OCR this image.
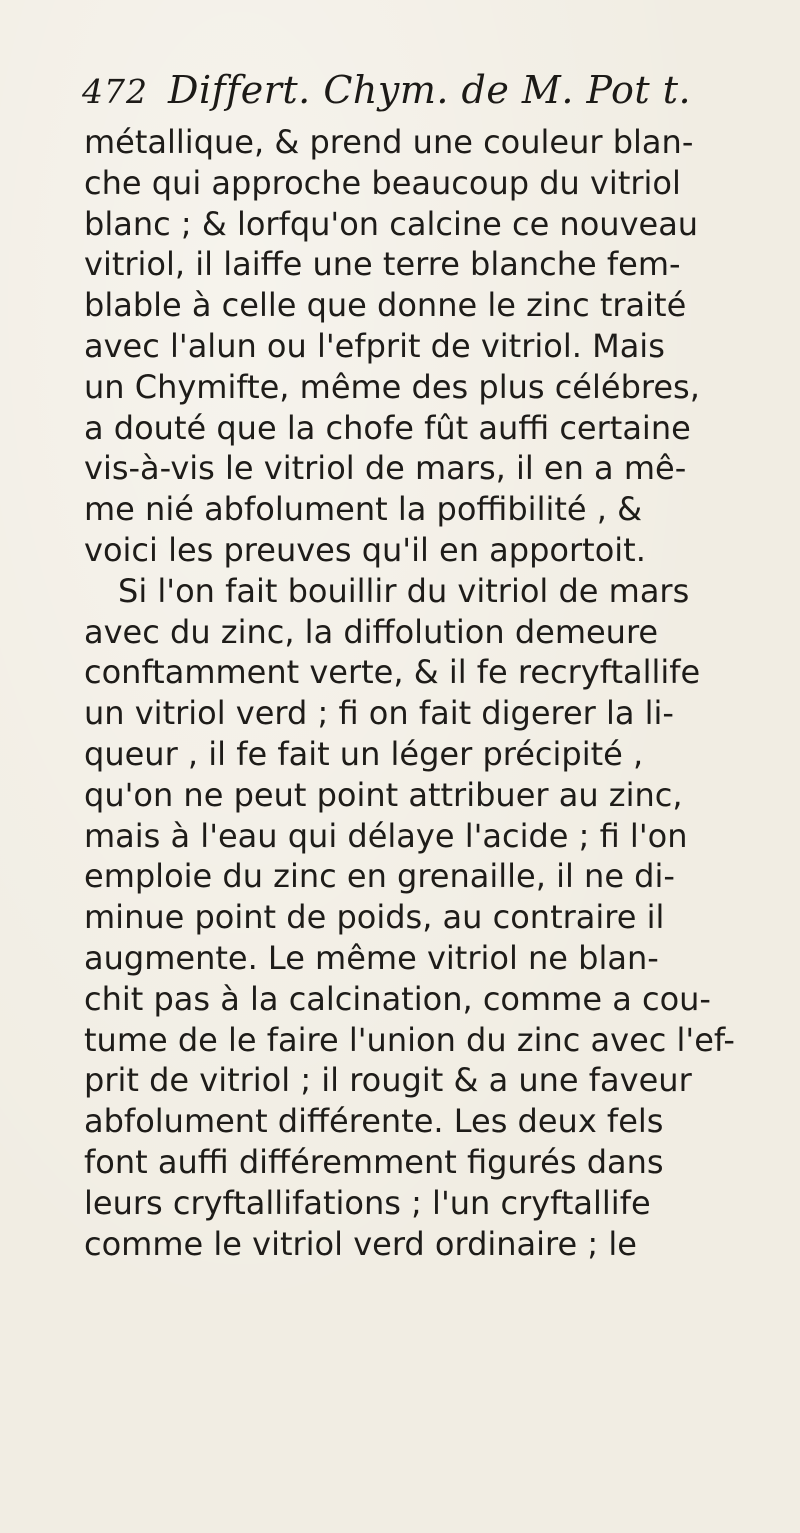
472 Differt. Chym. de M. Pot t.
métallique, & prend une couleur blan-
che qui approche beaucoup du vitriol
blanc ; & lorfqu'on calcine ce nouveau
vitriol, il laiffe une terre blanche fem-
blable à celle que donne le zinc traité
avec l'alun ou l'efprit de vitriol. Mais
un Chymifte, même des plus célébres,
a douté que la chofe fût auffi certaine
vis-à-vis le vitriol de mars, il en a mê-
me nié abfolument la poffibilité , &
voici les preuves qu'il en apportoit.
Si l'on fait bouillir du vitriol de mars
avec du zinc, la diffolution demeure
conftamment verte, & il fe recryftallife
un vitriol verd ; fi on fait digerer la li-
queur , il fe fait un léger précipité ,
qu'on ne peut point attribuer au zinc,
mais à l'eau qui délaye l'acide ; fi l'on
emploie du zinc en grenaille, il ne di-
minue point de poids, au contraire il
augmente. Le même vitriol ne blan-
chit pas à la calcination, comme a cou-
tume de le faire l'union du zinc avec l'ef-
prit de vitriol ; il rougit & a une faveur
abfolument différente. Les deux fels
font auffi différemment figurés dans
leurs cryftallifations ; l'un cryftallife
comme le vitriol verd ordinaire ; le
